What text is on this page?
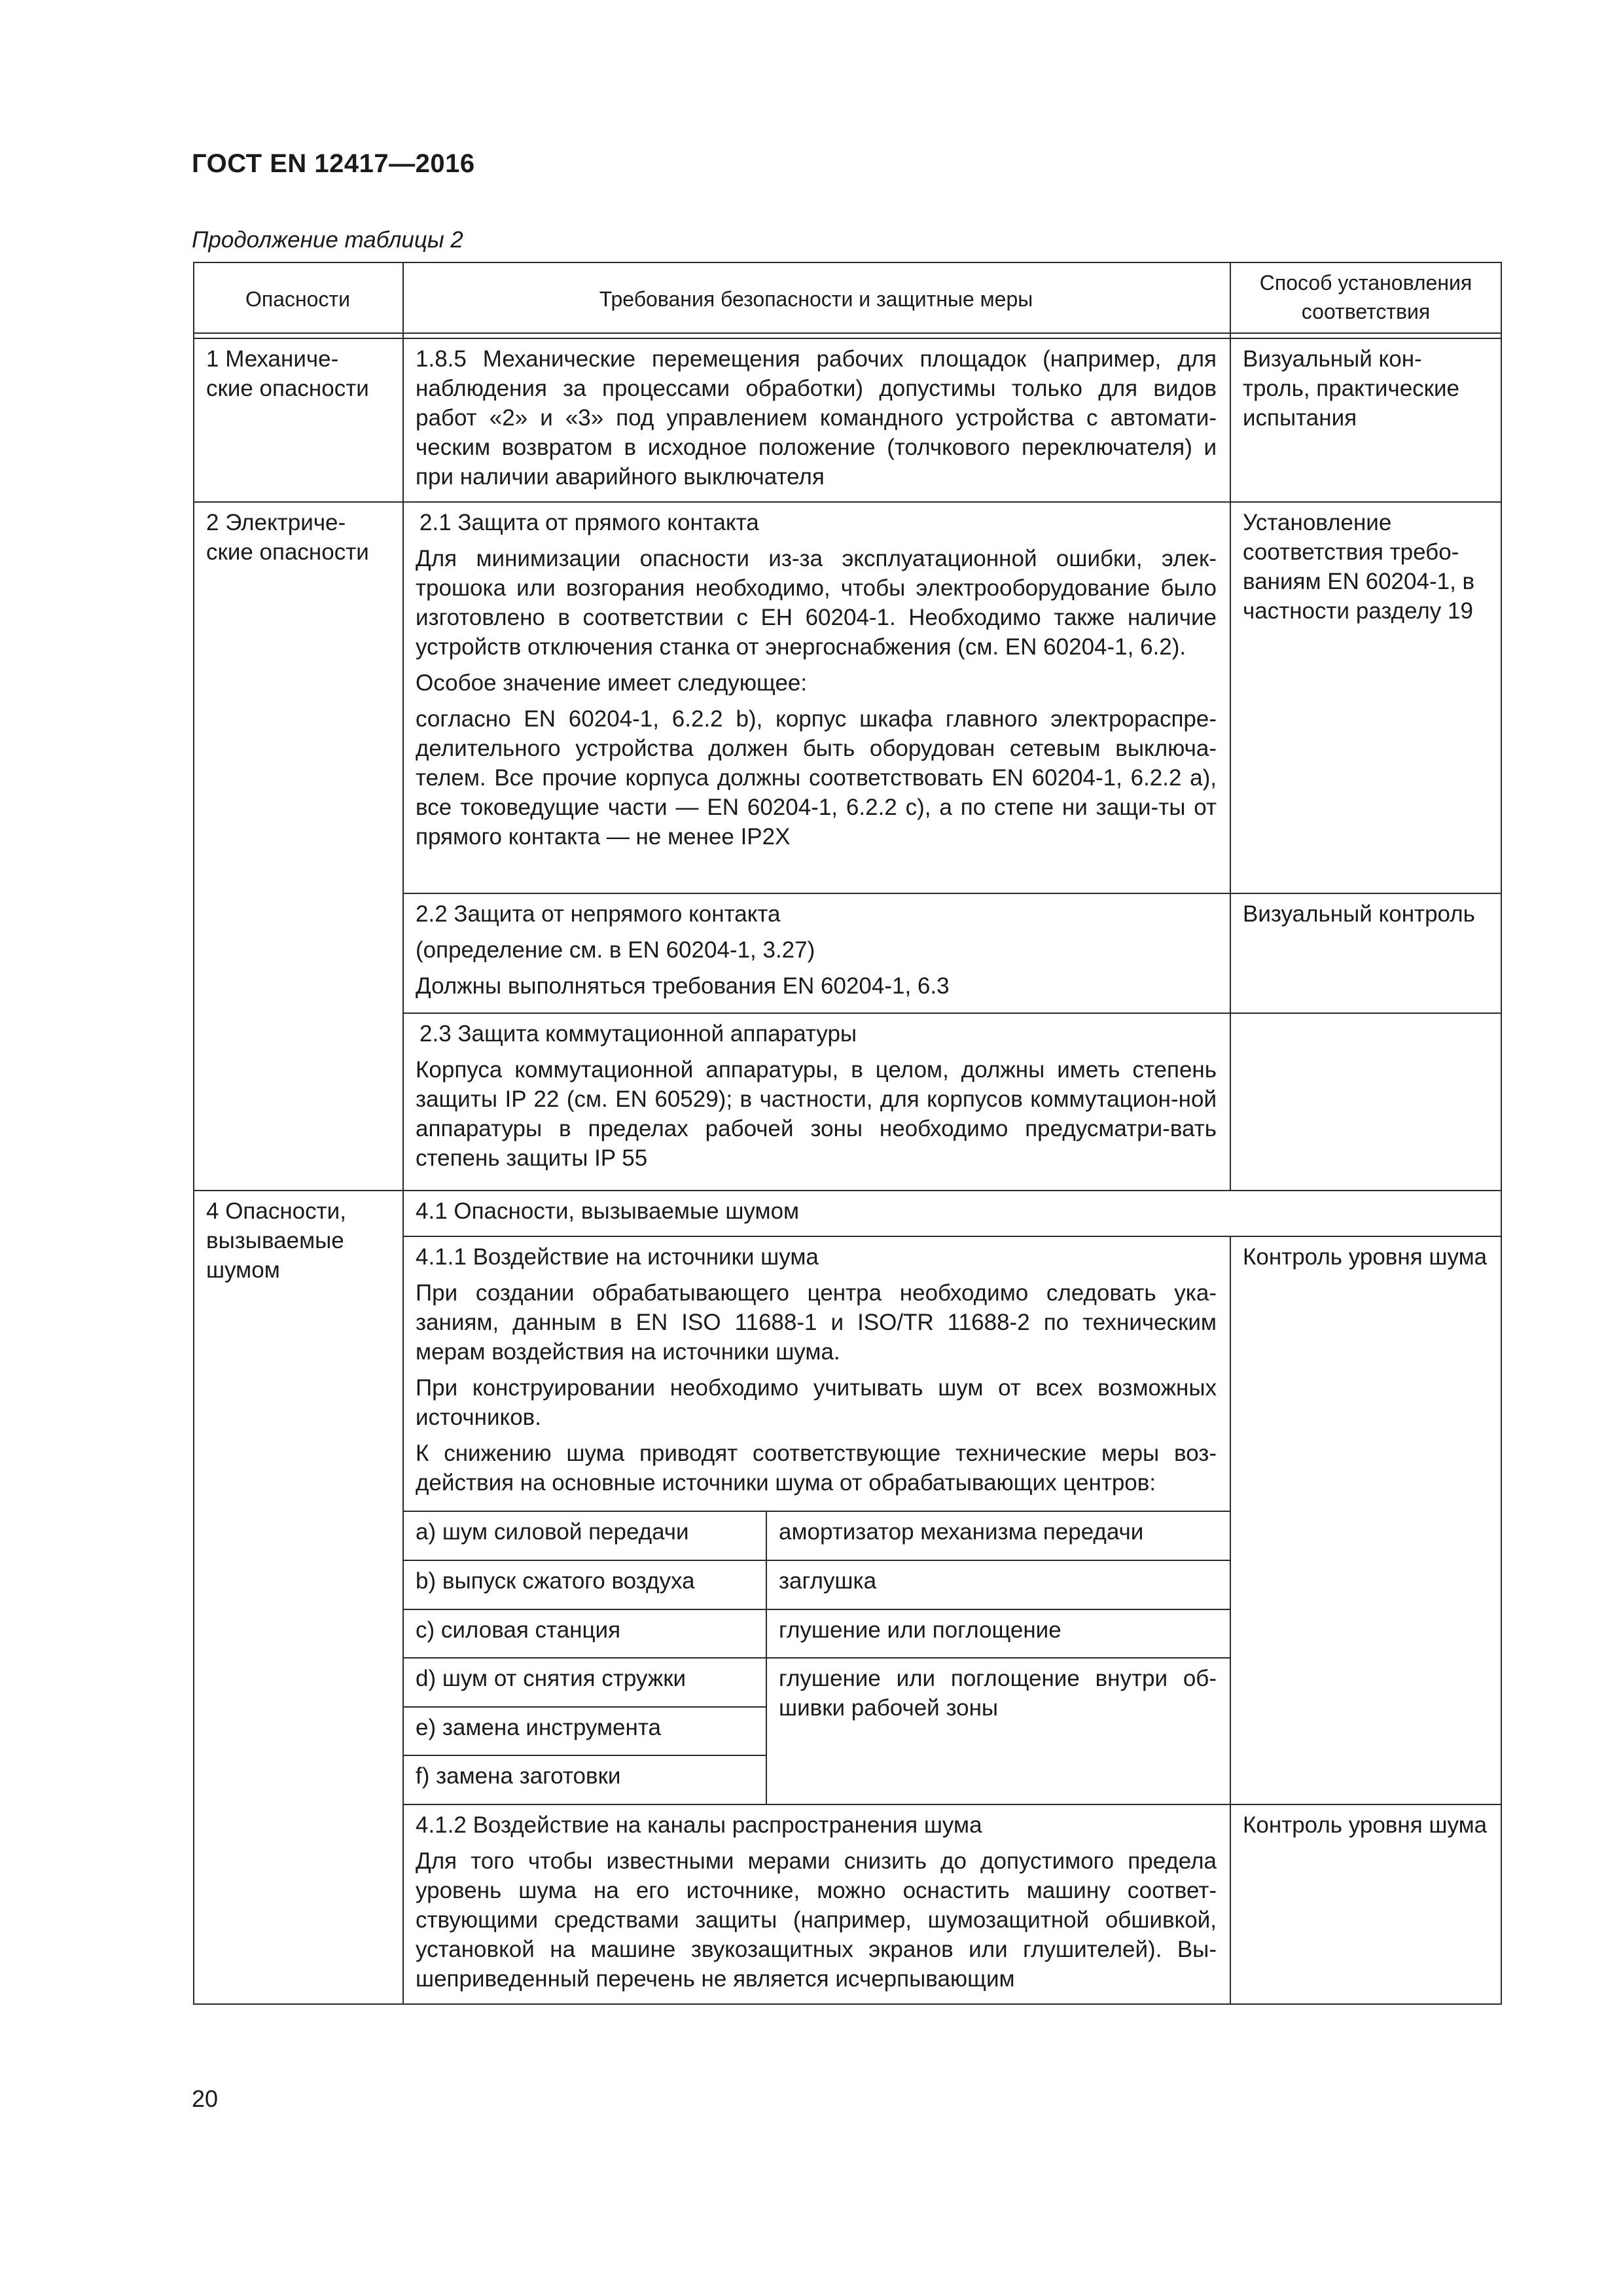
ГОСТ EN 12417—2016
Продолжение таблицы 2
Опасности	Требования безопасности и защитные меры
Способ установления соответствия
1 Механиче-ские опасности
1.8.5 Механические перемещения рабочих площадок (например, для наблюдения за процессами обработки) допустимы только для видов работ «2» и «3» под управлением командного устройства с автомати-ческим возвратом в исходное положение (толчкового переключателя) и при наличии аварийного выключателя
Визуальный кон-троль, практические испытания
2 Электриче-ские опасности
2.1 Защита от прямого контакта
Для минимизации опасности из-за эксплуатационной ошибки, элек-трошока или возгорания необходимо, чтобы электрооборудование было изготовлено в соответствии с ЕН 60204-1. Необходимо также наличие устройств отключения станка от энергоснабжения (см. EN 60204-1, 6.2).
Особое значение имеет следующее:
согласно EN 60204-1, 6.2.2 b), корпус шкафа главного электрораспре-делительного устройства должен быть оборудован сетевым выключа-телем. Все прочие корпуса должны соответствовать EN 60204-1, 6.2.2 а), все токоведущие части — EN 60204-1, 6.2.2 c), а по степе ни защи-ты от прямого контакта — не менее IP2X
Установление соответствия требо-ваниям EN 60204-1, в частности разделу 19
2.2 Защита от непрямого контакта
(определение см. в EN 60204-1, 3.27)
Должны выполняться требования EN 60204-1, 6.3
Визуальный контроль
2.3 Защита коммутационной аппаратуры
Корпуса коммутационной аппаратуры, в целом, должны иметь степень защиты IP 22 (см. EN 60529); в частности, для корпусов коммутацион-ной аппаратуры в пределах рабочей зоны необходимо предусматри-вать степень защиты IP 55
4 Опасности, вызываемые шумом
4.1 Опасности, вызываемые шумом
4.1.1 Воздействие на источники шума
При создании обрабатывающего центра необходимо следовать ука-заниям, данным в EN ISO 11688-1 и ISO/TR 11688-2 по техническим мерам воздействия на источники шума.
При конструировании необходимо учитывать шум от всех возможных источников.
К снижению шума приводят соответствующие технические меры воз-действия на основные источники шума от обрабатывающих центров:
Контроль уровня шума
a) шум силовой передачи
b) выпуск сжатого воздуха
c) силовая станция
d) шум от снятия стружки
e) замена инструмента
f) замена заготовки
амортизатор механизма передачи
заглушка
глушение или поглощение
глушение или поглощение внутри об-шивки рабочей зоны
4.1.2 Воздействие на каналы распространения шума
Для того чтобы известными мерами снизить до допустимого предела уровень шума на его источнике, можно оснастить машину соответ-ствующими средствами защиты (например, шумозащитной обшивкой, установкой на машине звукозащитных экранов или глушителей). Вы-шеприведенный перечень не является исчерпывающим
Контроль уровня шума
20
